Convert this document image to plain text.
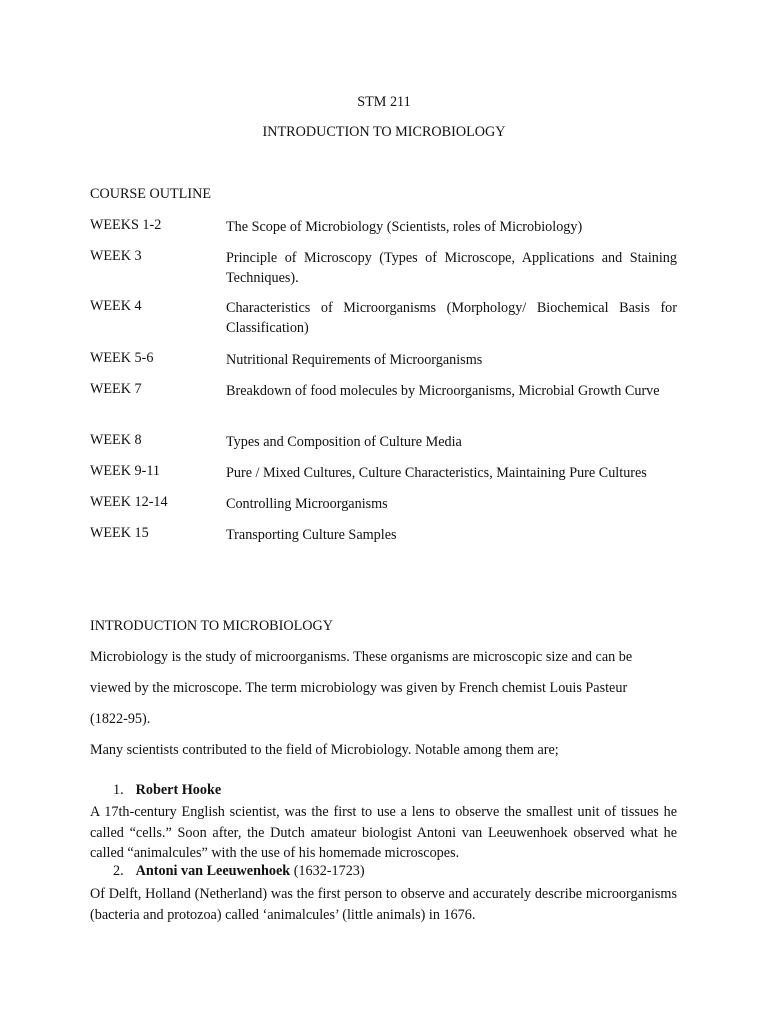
STM 211
INTRODUCTION TO MICROBIOLOGY
COURSE OUTLINE
WEEKS 1-2	The Scope of Microbiology (Scientists, roles of Microbiology)
WEEK 3	Principle of Microscopy (Types of Microscope, Applications and Staining Techniques).
WEEK 4	Characteristics of Microorganisms (Morphology/ Biochemical Basis for Classification)
WEEK 5-6	Nutritional Requirements of Microorganisms
WEEK 7	Breakdown of food molecules by Microorganisms, Microbial Growth Curve
WEEK 8	Types and Composition of Culture Media
WEEK 9-11	Pure / Mixed Cultures, Culture Characteristics, Maintaining Pure Cultures
WEEK 12-14	Controlling Microorganisms
WEEK 15	Transporting Culture Samples
INTRODUCTION TO MICROBIOLOGY
Microbiology is the study of microorganisms. These organisms are microscopic size and can be
viewed by the microscope. The term microbiology was given by French chemist Louis Pasteur
(1822-95).
Many scientists contributed to the field of Microbiology. Notable among them are;
1. Robert Hooke
A 17th-century English scientist, was the first to use a lens to observe the smallest unit of tissues he called “cells.” Soon after, the Dutch amateur biologist Antoni van Leeuwenhoek observed what he called “animalcules” with the use of his homemade microscopes.
2. Antoni van Leeuwenhoek (1632-1723)
Of Delft, Holland (Netherland) was the first person to observe and accurately describe microorganisms (bacteria and protozoa) called ‘animalcules’ (little animals) in 1676.
